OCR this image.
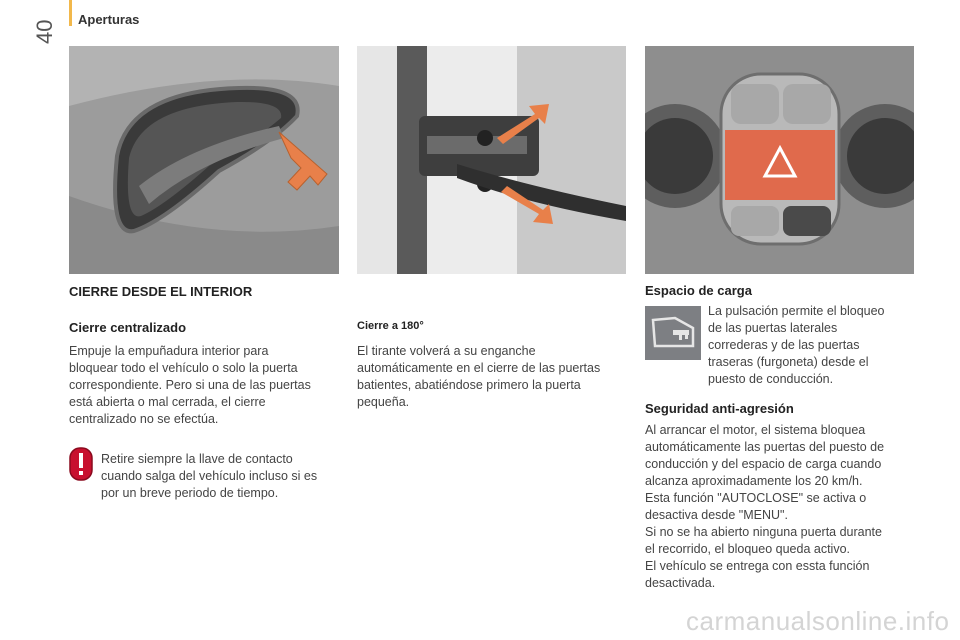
40
Aperturas
CIERRE DESDE EL INTERIOR
Cierre centralizado
Empuje la empuñadura interior para
bloquear todo el vehículo o solo la puerta
correspondiente. Pero si una de las puertas
está abierta o mal cerrada, el cierre
centralizado no se efectúa.
Retire siempre la llave de contacto
cuando salga del vehículo incluso si es
por un breve periodo de tiempo.
Cierre a 180°
El tirante volverá a su enganche
automáticamente en el cierre de las puertas
batientes, abatiéndose primero la puerta
pequeña.
Espacio de carga
La pulsación permite el bloqueo
de las puertas laterales
correderas y de las puertas
traseras (furgoneta) desde el
puesto de conducción.
Seguridad anti-agresión
Al arrancar el motor, el sistema bloquea
automáticamente las puertas del puesto de
conducción y del espacio de carga cuando
alcanza aproximadamente los 20 km/h.
Esta función "AUTOCLOSE" se activa o
desactiva desde "MENU".
Si no se ha abierto ninguna puerta durante
el recorrido, el bloqueo queda activo.
El vehículo se entrega con essta función
desactivada.
carmanualsonline.info
